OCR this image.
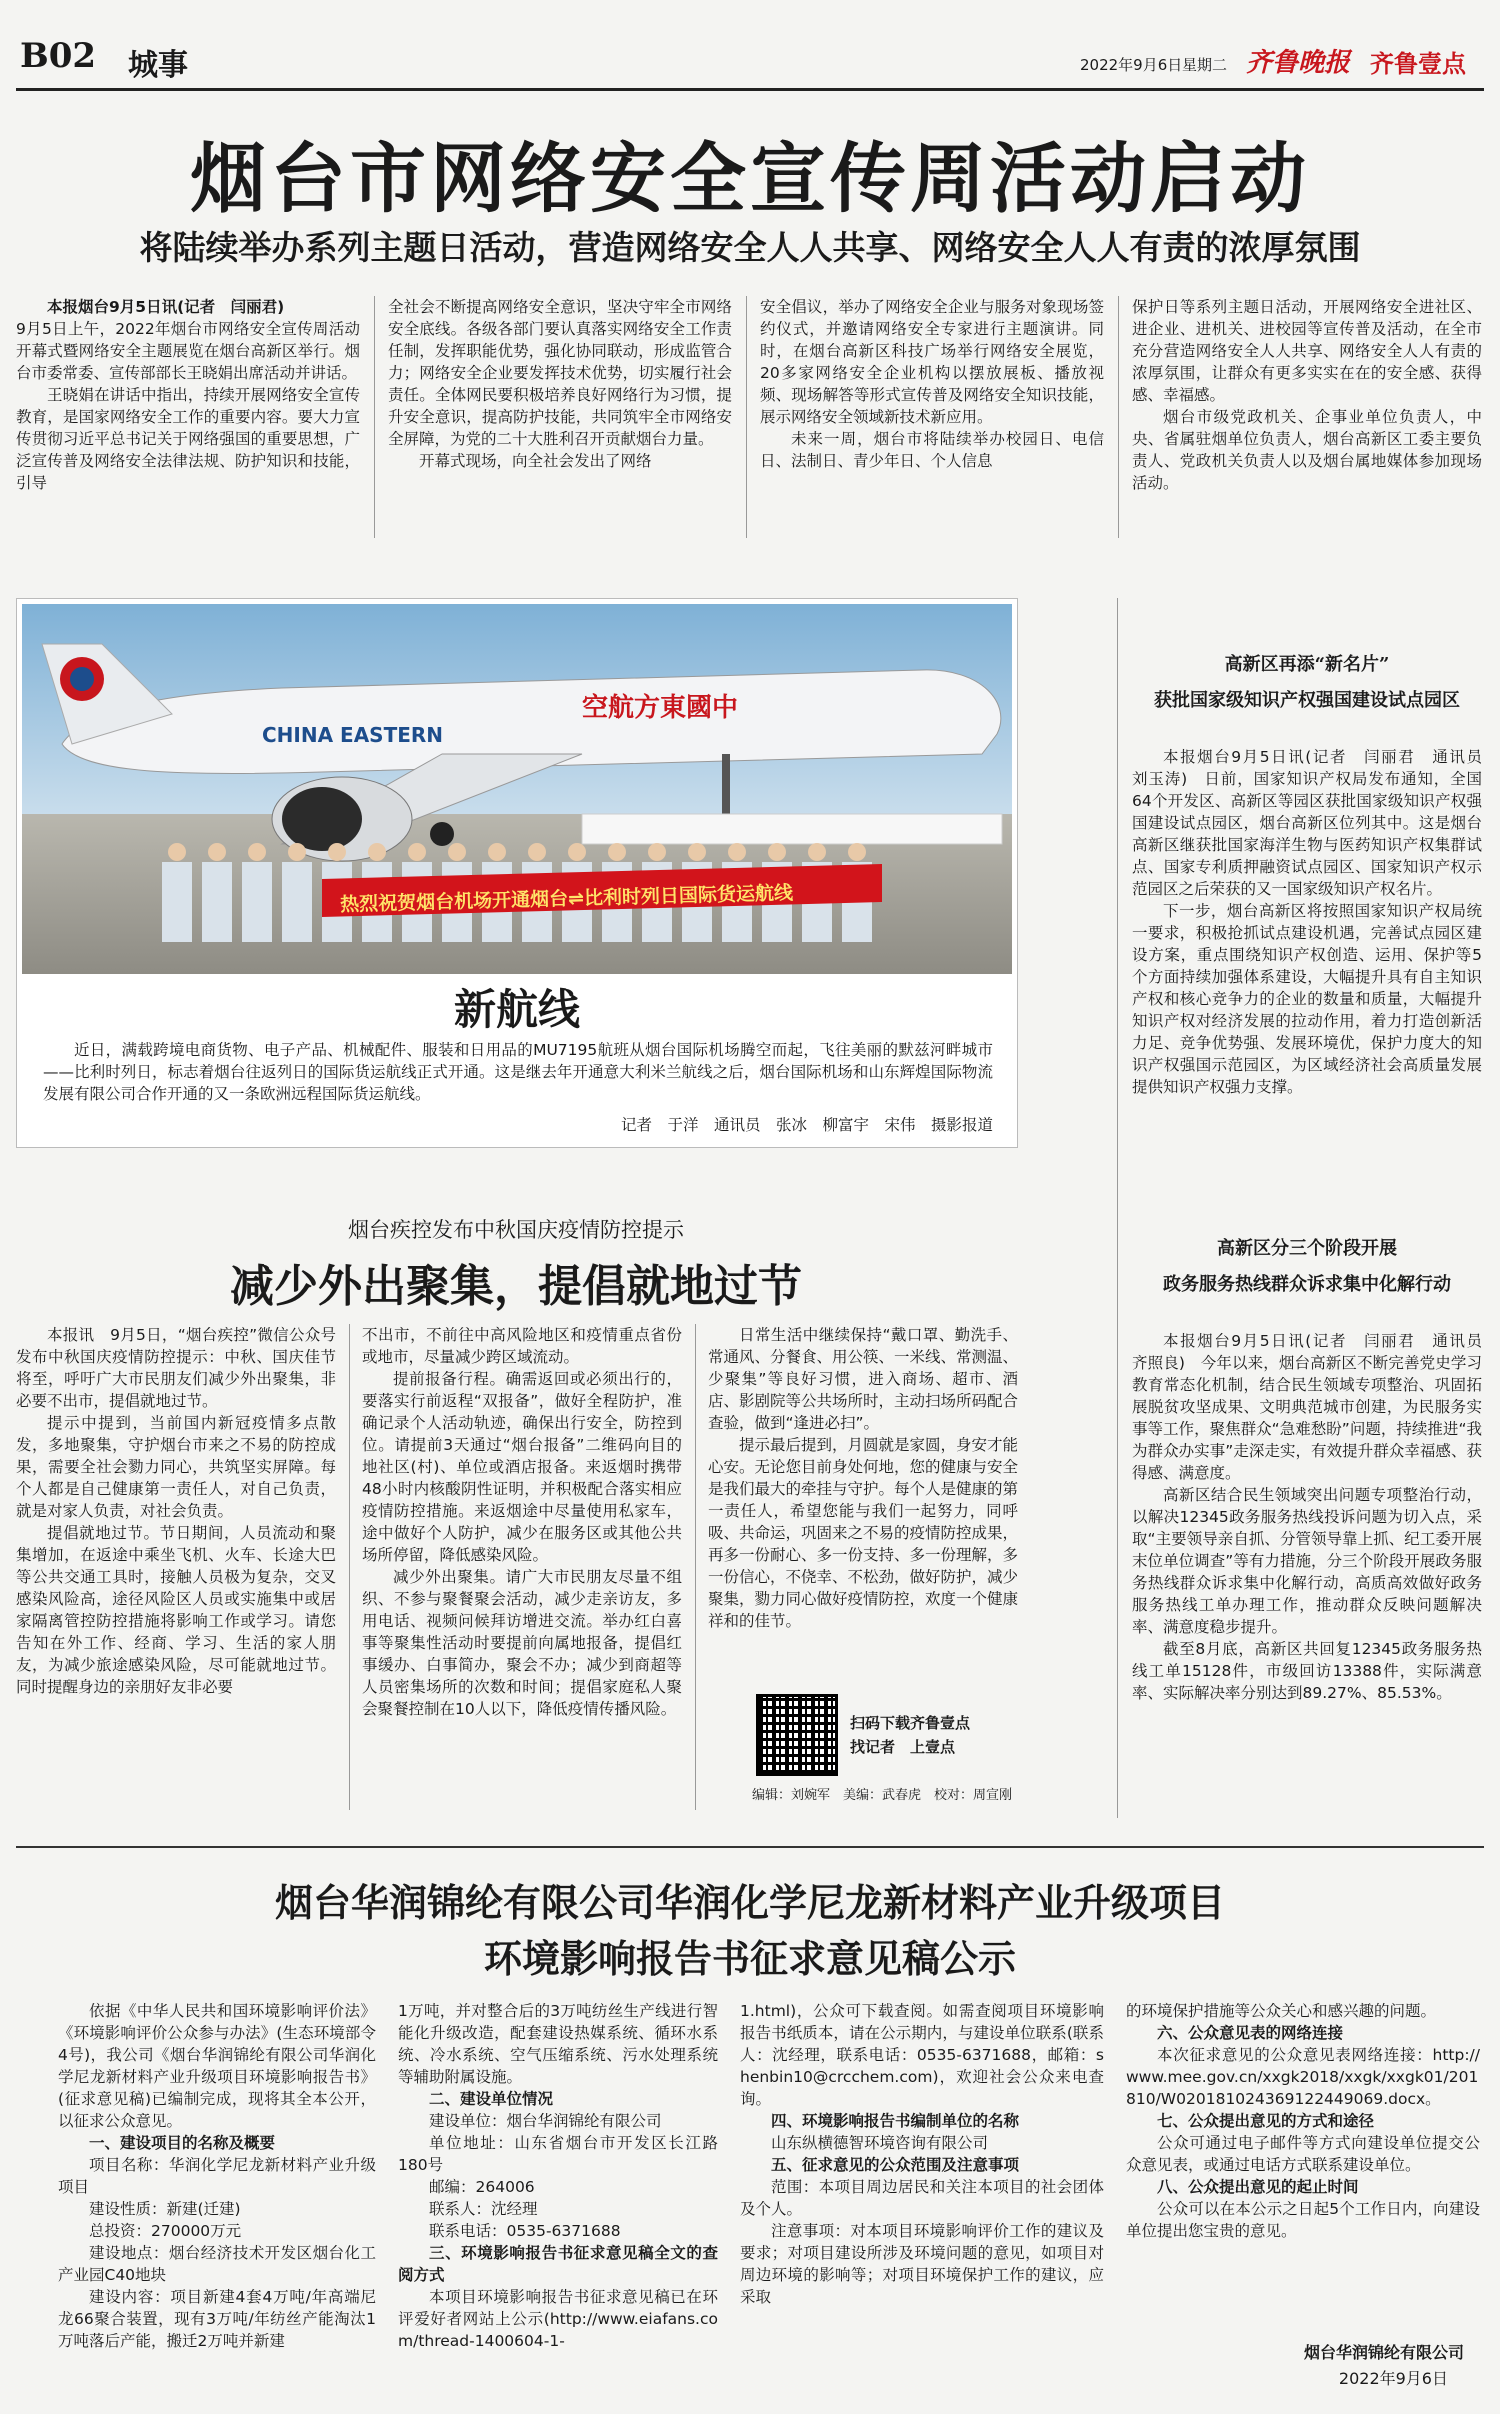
B02 城事	2022年9月6日 星期二 齐鲁晚报 齐鲁壹点
烟台市网络安全宣传周活动启动
将陆续举办系列主题日活动，营造网络安全人人共享、网络安全人人有责的浓厚氛围

本报烟台9月5日讯(记者　闫丽君)

9月5日上午，2022年烟台市网络安全宣传周活动开幕式暨网络安全主题展览在烟台高新区举行。烟台市委常委、宣传部部长王晓娟出席活动并讲话。

王晓娟在讲话中指出，持续开展网络安全宣传教育，是国家网络安全工作的重要内容。要大力宣传贯彻习近平总书记关于网络强国的重要思想，广泛宣传普及网络安全法律法规、防护知识和技能，引导

全社会不断提高网络安全意识，坚决守牢全市网络安全底线。各级各部门要认真落实网络安全工作责任制，发挥职能优势，强化协同联动，形成监管合力；网络安全企业要发挥技术优势，切实履行社会责任。全体网民要积极培养良好网络行为习惯，提升安全意识，提高防护技能，共同筑牢全市网络安全屏障，为党的二十大胜利召开贡献烟台力量。

开幕式现场，向全社会发出了网络

安全倡议，举办了网络安全企业与服务对象现场签约仪式，并邀请网络安全专家进行主题演讲。同时，在烟台高新区科技广场举行网络安全展览，20多家网络安全企业机构以摆放展板、播放视频、现场解答等形式宣传普及网络安全知识技能，展示网络安全领域新技术新应用。

未来一周，烟台市将陆续举办校园日、电信日、法制日、青少年日、个人信息

保护日等系列主题日活动，开展网络安全进社区、进企业、进机关、进校园等宣传普及活动，在全市充分营造网络安全人人共享、网络安全人人有责的浓厚氛围，让群众有更多实实在在的安全感、获得感、幸福感。

烟台市级党政机关、企事业单位负责人，中央、省属驻烟单位负责人，烟台高新区工委主要负责人、党政机关负责人以及烟台属地媒体参加现场活动。

CHINA EASTERN
空航方東國中
热烈祝贺烟台机场开通烟台⇌比利时列日国际货运航线
新航线
近日，满载跨境电商货物、电子产品、机械配件、服装和日用品的MU7195航班从烟台国际机场腾空而起，飞往美丽的默兹河畔城市——比利时列日，标志着烟台往返列日的国际货运航线正式开通。这是继去年开通意大利米兰航线之后，烟台国际机场和山东辉煌国际物流发展有限公司合作开通的又一条欧洲远程国际货运航线。
记者　于洋　通讯员　张冰　柳富宇　宋伟　摄影报道
高新区再添“新名片”
获批国家级知识产权强国建设试点园区

本报烟台9月5日讯(记者　闫丽君　通讯员　刘玉涛)　日前，国家知识产权局发布通知，全国64个开发区、高新区等园区获批国家级知识产权强国建设试点园区，烟台高新区位列其中。这是烟台高新区继获批国家海洋生物与医药知识产权集群试点、国家专利质押融资试点园区、国家知识产权示范园区之后荣获的又一国家级知识产权名片。

下一步，烟台高新区将按照国家知识产权局统一要求，积极抢抓试点建设机遇，完善试点园区建设方案，重点围绕知识产权创造、运用、保护等5个方面持续加强体系建设，大幅提升具有自主知识产权和核心竞争力的企业的数量和质量，大幅提升知识产权对经济发展的拉动作用，着力打造创新活力足、竞争优势强、发展环境优，保护力度大的知识产权强国示范园区，为区域经济社会高质量发展提供知识产权强力支撑。

高新区分三个阶段开展
政务服务热线群众诉求集中化解行动

本报烟台9月5日讯(记者　闫丽君　通讯员　齐照良)　今年以来，烟台高新区不断完善党史学习教育常态化机制，结合民生领域专项整治、巩固拓展脱贫攻坚成果、文明典范城市创建，为民服务实事等工作，聚焦群众“急难愁盼”问题，持续推进“我为群众办实事”走深走实，有效提升群众幸福感、获得感、满意度。

高新区结合民生领域突出问题专项整治行动，以解决12345政务服务热线投诉问题为切入点，采取“主要领导亲自抓、分管领导靠上抓、纪工委开展末位单位调查”等有力措施，分三个阶段开展政务服务热线群众诉求集中化解行动，高质高效做好政务服务热线工单办理工作，推动群众反映问题解决率、满意度稳步提升。

截至8月底，高新区共回复12345政务服务热线工单15128件，市级回访13388件，实际满意率、实际解决率分别达到89.27%、85.53%。

烟台疾控发布中秋国庆疫情防控提示
减少外出聚集，提倡就地过节

本报讯　9月5日，“烟台疾控”微信公众号发布中秋国庆疫情防控提示：中秋、国庆佳节将至，呼吁广大市民朋友们减少外出聚集，非必要不出市，提倡就地过节。

提示中提到，当前国内新冠疫情多点散发，多地聚集，守护烟台市来之不易的防控成果，需要全社会勠力同心，共筑坚实屏障。每个人都是自己健康第一责任人，对自己负责，就是对家人负责，对社会负责。

提倡就地过节。节日期间，人员流动和聚集增加，在返途中乘坐飞机、火车、长途大巴等公共交通工具时，接触人员极为复杂，交叉感染风险高，途径风险区人员或实施集中或居家隔离管控防控措施将影响工作或学习。请您告知在外工作、经商、学习、生活的家人朋友，为减少旅途感染风险，尽可能就地过节。同时提醒身边的亲朋好友非必要

不出市，不前往中高风险地区和疫情重点省份或地市，尽量减少跨区域流动。

提前报备行程。确需返回或必须出行的，要落实行前返程“双报备”，做好全程防护，准确记录个人活动轨迹，确保出行安全，防控到位。请提前3天通过“烟台报备”二维码向目的地社区(村)、单位或酒店报备。来返烟时携带48小时内核酸阴性证明，并积极配合落实相应疫情防控措施。来返烟途中尽量使用私家车，途中做好个人防护，减少在服务区或其他公共场所停留，降低感染风险。

减少外出聚集。请广大市民朋友尽量不组织、不参与聚餐聚会活动，减少走亲访友，多用电话、视频问候拜访增进交流。举办红白喜事等聚集性活动时要提前向属地报备，提倡红事缓办、白事简办，聚会不办；减少到商超等人员密集场所的次数和时间；提倡家庭私人聚会聚餐控制在10人以下，降低疫情传播风险。

日常生活中继续保持“戴口罩、勤洗手、常通风、分餐食、用公筷、一米线、常测温、少聚集”等良好习惯，进入商场、超市、酒店、影剧院等公共场所时，主动扫场所码配合查验，做到“逢进必扫”。

提示最后提到，月圆就是家圆，身安才能心安。无论您目前身处何地，您的健康与安全是我们最大的牵挂与守护。每个人是健康的第一责任人，希望您能与我们一起努力，同呼吸、共命运，巩固来之不易的疫情防控成果，再多一份耐心、多一份支持、多一份理解，多一份信心，不侥幸、不松劲，做好防护，减少聚集，勠力同心做好疫情防控，欢度一个健康祥和的佳节。

扫码下载齐鲁壹点
找记者　上壹点
编辑：刘婉军　美编：武春虎　校对：周宣刚
烟台华润锦纶有限公司华润化学尼龙新材料产业升级项目
环境影响报告书征求意见稿公示

依据《中华人民共和国环境影响评价法》《环境影响评价公众参与办法》(生态环境部令4号)，我公司《烟台华润锦纶有限公司华润化学尼龙新材料产业升级项目环境影响报告书》(征求意见稿)已编制完成，现将其全本公开，以征求公众意见。

一、建设项目的名称及概要

项目名称：华润化学尼龙新材料产业升级项目

建设性质：新建(迁建)

总投资：270000万元

建设地点：烟台经济技术开发区烟台化工产业园C40地块

建设内容：项目新建4套4万吨/年高端尼龙66聚合装置，现有3万吨/年纺丝产能淘汰1万吨落后产能，搬迁2万吨并新建

1万吨，并对整合后的3万吨纺丝生产线进行智能化升级改造，配套建设热媒系统、循环水系统、冷水系统、空气压缩系统、污水处理系统等辅助附属设施。

二、建设单位情况

建设单位：烟台华润锦纶有限公司

单位地址：山东省烟台市开发区长江路180号

邮编：264006

联系人：沈经理

联系电话：0535-6371688

三、环境影响报告书征求意见稿全文的查阅方式

本项目环境影响报告书征求意见稿已在环评爱好者网站上公示(http://www.eiafans.com/thread-1400604-1-

1.html)，公众可下载查阅。如需查阅项目环境影响报告书纸质本，请在公示期内，与建设单位联系(联系人：沈经理，联系电话：0535-6371688，邮箱：shenbin10@crcchem.com)，欢迎社会公众来电查询。

四、环境影响报告书编制单位的名称

山东纵横德智环境咨询有限公司

五、征求意见的公众范围及注意事项

范围：本项目周边居民和关注本项目的社会团体及个人。

注意事项：对本项目环境影响评价工作的建议及要求；对项目建设所涉及环境问题的意见，如项目对周边环境的影响等；对项目环境保护工作的建议，应采取

的环境保护措施等公众关心和感兴趣的问题。

六、公众意见表的网络连接

本次征求意见的公众意见表网络连接：http://www.mee.gov.cn/xxgk2018/xxgk/xxgk01/201810/W020181024369122449069.docx。

七、公众提出意见的方式和途径

公众可通过电子邮件等方式向建设单位提交公众意见表，或通过电话方式联系建设单位。

八、公众提出意见的起止时间

公众可以在本公示之日起5个工作日内，向建设单位提出您宝贵的意见。

烟台华润锦纶有限公司
2022年9月6日
